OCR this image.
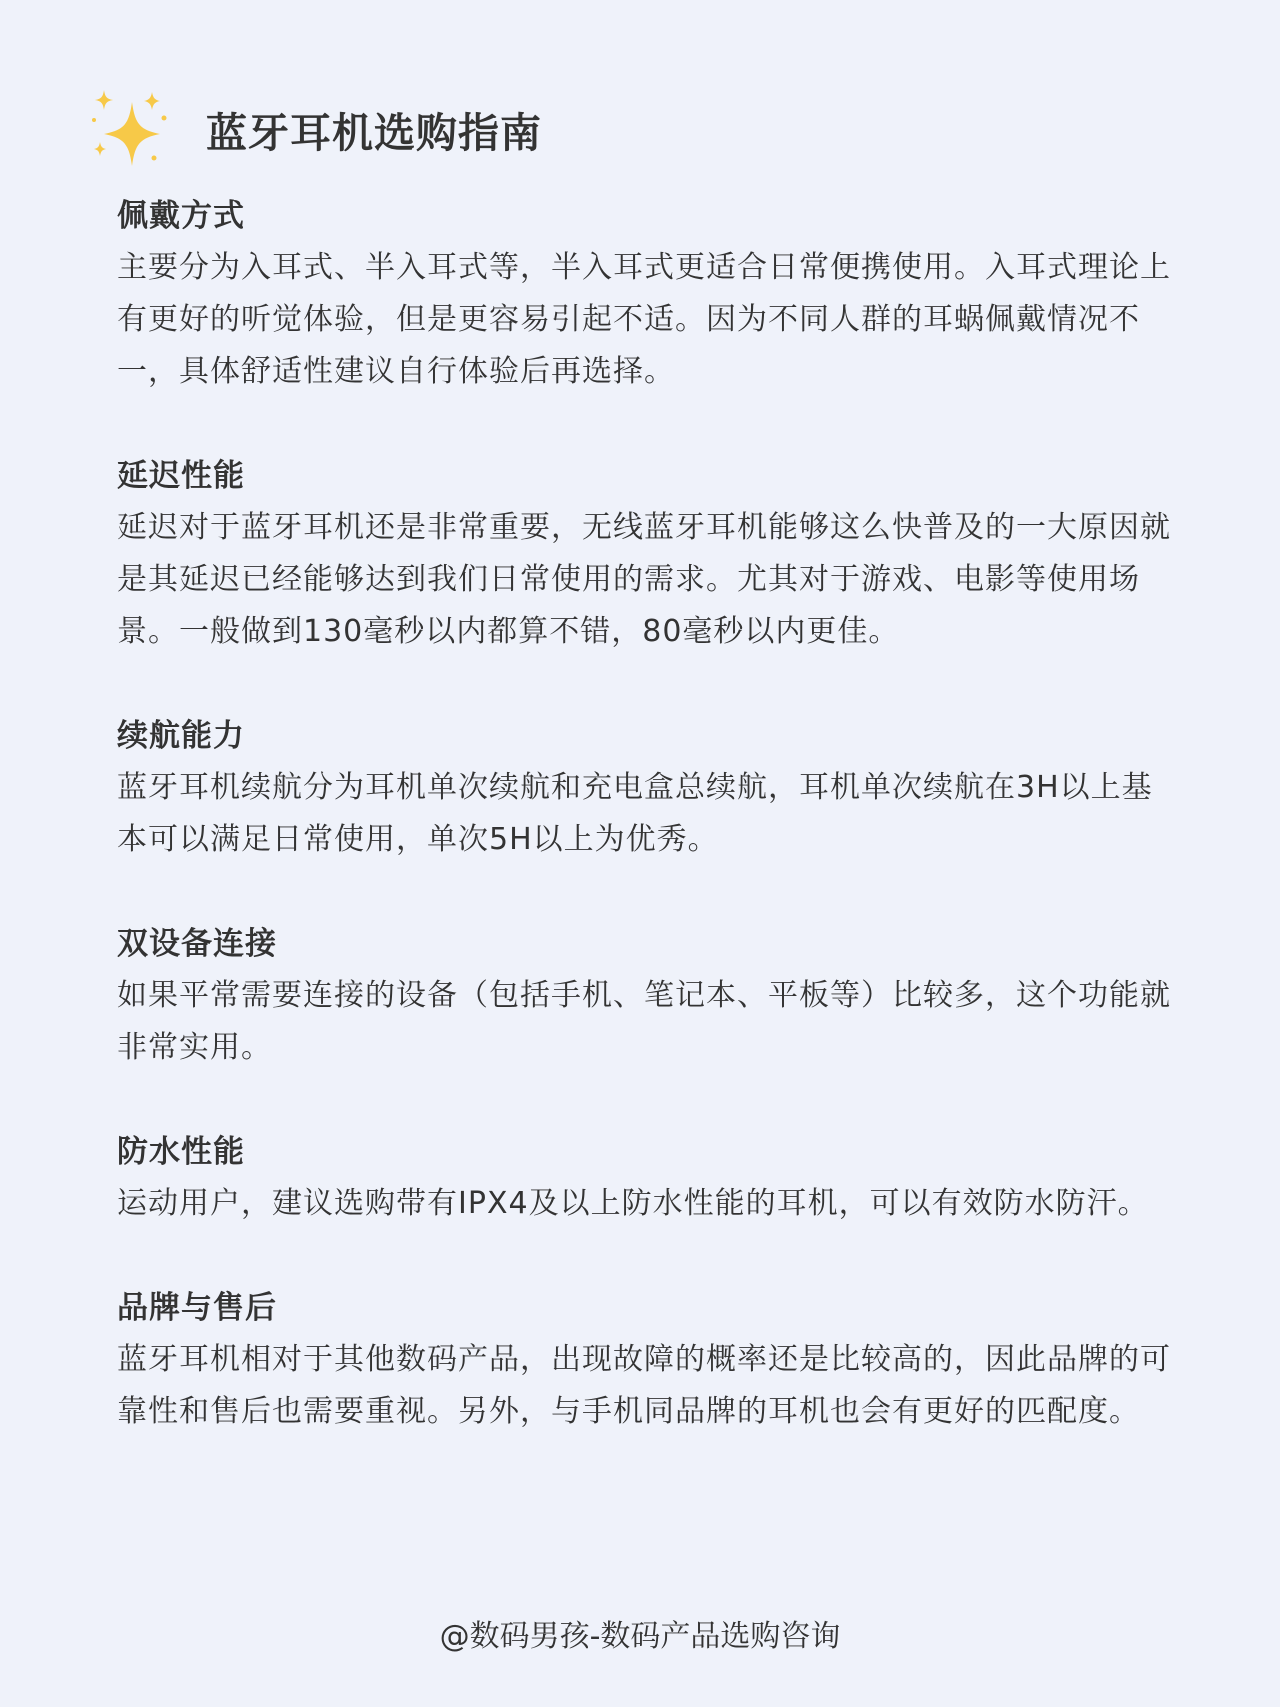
蓝牙耳机选购指南
佩戴方式
主要分为入耳式、半入耳式等，半入耳式更适合日常便携使用。入耳式理论上有更好的听觉体验，但是更容易引起不适。因为不同人群的耳蜗佩戴情况不一，具体舒适性建议自行体验后再选择。
延迟性能
延迟对于蓝牙耳机还是非常重要，无线蓝牙耳机能够这么快普及的一大原因就是其延迟已经能够达到我们日常使用的需求。尤其对于游戏、电影等使用场景。一般做到130毫秒以内都算不错，80毫秒以内更佳。
续航能力
蓝牙耳机续航分为耳机单次续航和充电盒总续航，耳机单次续航在3H以上基本可以满足日常使用，单次5H以上为优秀。
双设备连接
如果平常需要连接的设备（包括手机、笔记本、平板等）比较多，这个功能就非常实用。
防水性能
运动用户，建议选购带有IPX4及以上防水性能的耳机，可以有效防水防汗。
品牌与售后
蓝牙耳机相对于其他数码产品，出现故障的概率还是比较高的，因此品牌的可靠性和售后也需要重视。另外，与手机同品牌的耳机也会有更好的匹配度。
@数码男孩-数码产品选购咨询
